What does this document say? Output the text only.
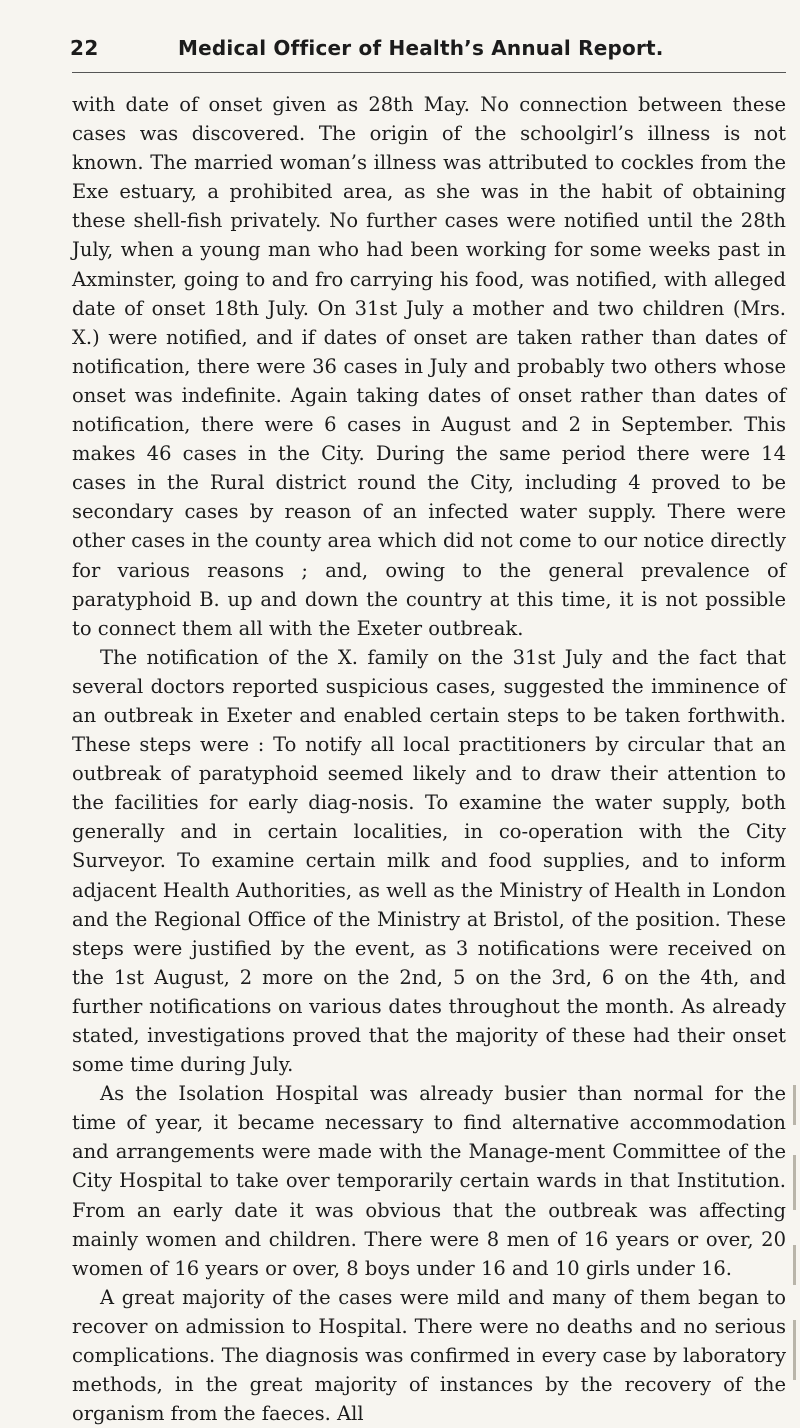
22	Medical Officer of Health’s Annual Report.

with date of onset given as 28th May. No connection between these cases was discovered. The origin of the schoolgirl’s illness is not known. The married woman’s illness was attributed to cockles from the Exe estuary, a prohibited area, as she was in the habit of obtaining these shell-fish privately. No further cases were notified until the 28th July, when a young man who had been working for some weeks past in Axminster, going to and fro carrying his food, was notified, with alleged date of onset 18th July. On 31st July a mother and two children (Mrs. X.) were notified, and if dates of onset are taken rather than dates of notification, there were 36 cases in July and probably two others whose onset was indefinite. Again taking dates of onset rather than dates of notification, there were 6 cases in August and 2 in September. This makes 46 cases in the City. During the same period there were 14 cases in the Rural district round the City, including 4 proved to be secondary cases by reason of an infected water supply. There were other cases in the county area which did not come to our notice directly for various reasons ; and, owing to the general prevalence of paratyphoid B. up and down the country at this time, it is not possible to connect them all with the Exeter outbreak.

The notification of the X. family on the 31st July and the fact that several doctors reported suspicious cases, suggested the imminence of an outbreak in Exeter and enabled certain steps to be taken forthwith. These steps were : To notify all local practitioners by circular that an outbreak of paratyphoid seemed likely and to draw their attention to the facilities for early diag-nosis. To examine the water supply, both generally and in certain localities, in co-operation with the City Surveyor. To examine certain milk and food supplies, and to inform adjacent Health Authorities, as well as the Ministry of Health in London and the Regional Office of the Ministry at Bristol, of the position. These steps were justified by the event, as 3 notifications were received on the 1st August, 2 more on the 2nd, 5 on the 3rd, 6 on the 4th, and further notifications on various dates throughout the month. As already stated, investigations proved that the majority of these had their onset some time during July.

As the Isolation Hospital was already busier than normal for the time of year, it became necessary to find alternative accommodation and arrangements were made with the Manage-ment Committee of the City Hospital to take over temporarily certain wards in that Institution. From an early date it was obvious that the outbreak was affecting mainly women and children. There were 8 men of 16 years or over, 20 women of 16 years or over, 8 boys under 16 and 10 girls under 16.

A great majority of the cases were mild and many of them began to recover on admission to Hospital. There were no deaths and no serious complications. The diagnosis was confirmed in every case by laboratory methods, in the great majority of instances by the recovery of the organism from the faeces. All
